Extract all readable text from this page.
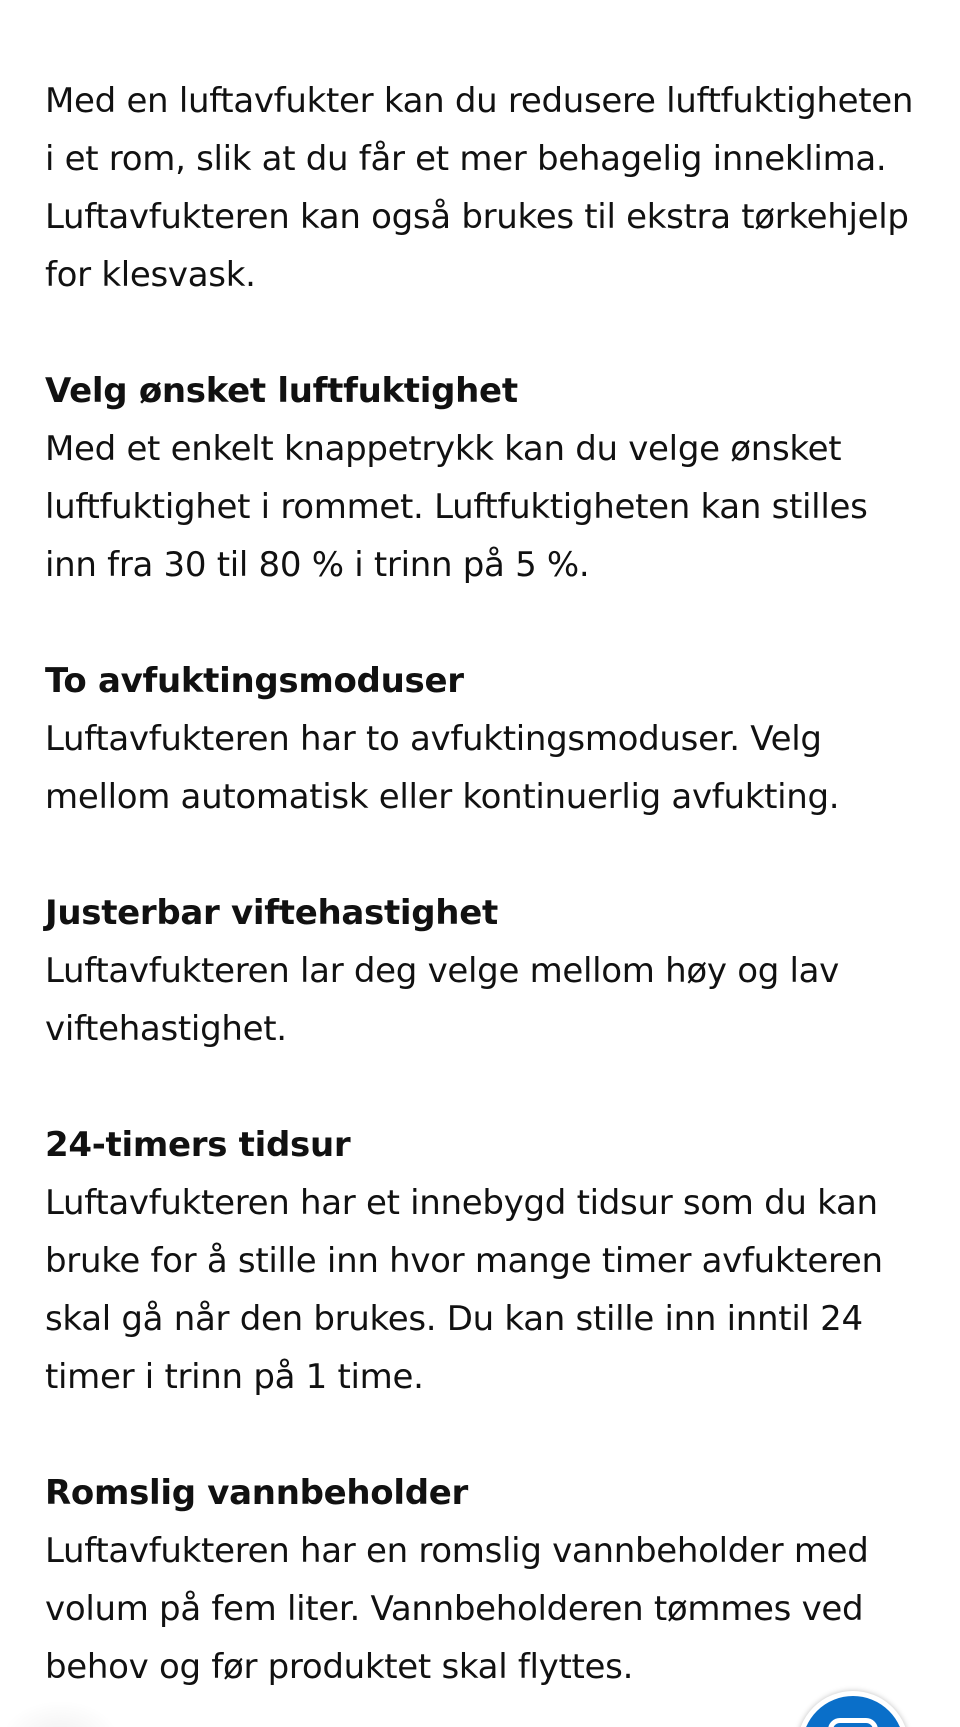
Med en luftavfukter kan du redusere luftfuktigheten i et rom, slik at du får et mer behagelig inneklima. Luftavfukteren kan også brukes til ekstra tørkehjelp for klesvask.

Velg ønsket luftfuktighet

Med et enkelt knappetrykk kan du velge ønsket luftfuktighet i rommet. Luftfuktigheten kan stilles inn fra 30 til 80 % i trinn på 5 %.

To avfuktingsmoduser

Luftavfukteren har to avfuktingsmoduser. Velg mellom automatisk eller kontinuerlig avfukting.

Justerbar viftehastighet

Luftavfukteren lar deg velge mellom høy og lav viftehastighet.

24-timers tidsur

Luftavfukteren har et innebygd tidsur som du kan bruke for å stille inn hvor mange timer avfukteren skal gå når den brukes. Du kan stille inn inntil 24 timer i trinn på 1 time.

Romslig vannbeholder

Luftavfukteren har en romslig vannbeholder med volum på fem liter. Vannbeholderen tømmes ved behov og før produktet skal flyttes.
